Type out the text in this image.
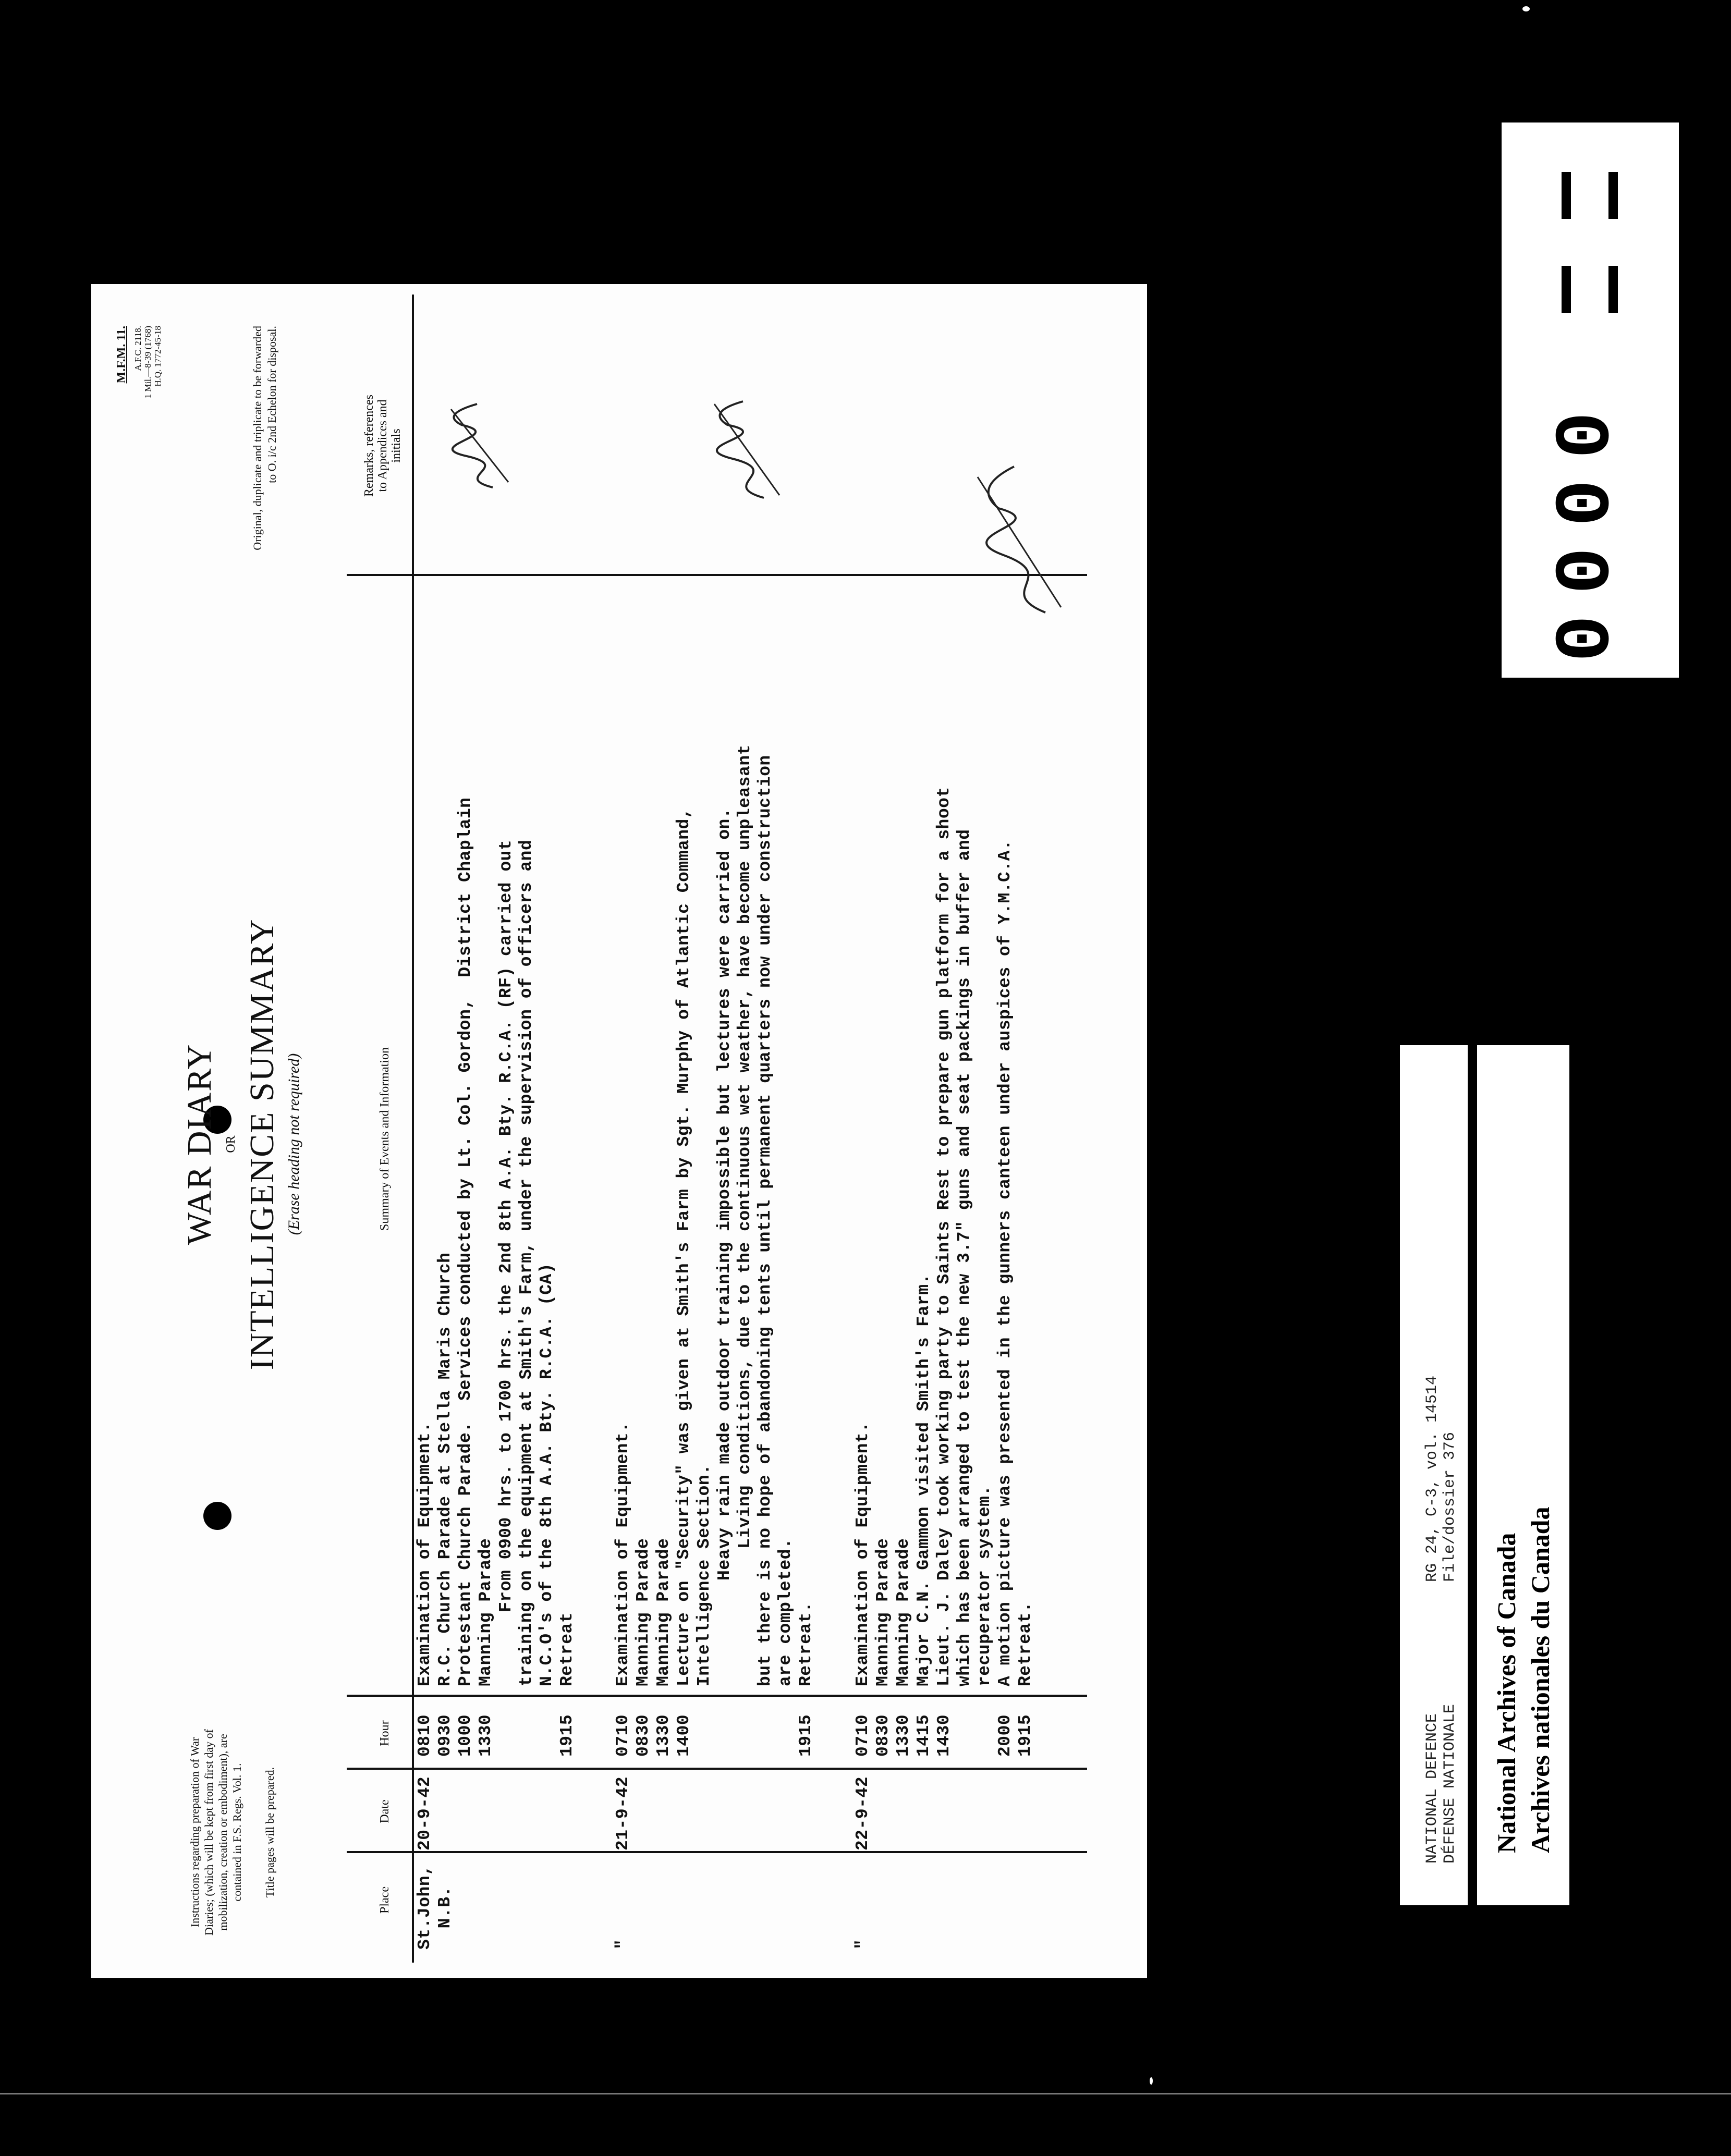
Instructions regarding preparation of War Diaries; (which will be kept from first day of mobilization, creation or embodiment), are contained in F.S. Regs. Vol. 1. Title pages will be prepared.
WAR DIARY OR INTELLIGENCE SUMMARY (Erase heading not required)
M.F.M. 11. A.F.C. 2118. 1 Mil.—8-39 (1768) H.Q. 1772-45-18	Original, duplicate and triplicate to be forwarded to O. i/c 2nd Echelon for disposal.
Place
Date
Hour
Summary of Events and Information
Remarks, references to Appendices and initials
St.John,
N.B.
20-9-42
0810
0930
1000
1330

1915
Examination of Equipment.
R.C. Church Parade at Stella Maris Church
Protestant Church Parade.  Services conducted by Lt. Col. Gordon,  District Chaplain
Manning Parade
From 0900 hrs. to 1700 hrs. the 2nd 8th A.A. Bty. R.C.A. (RF) carried out
training on the equipment at Smith's Farm, under the supervision of officers and
N.C.O's of the 8th A.A. Bty. R.C.A. (CA)
Retreat
"
21-9-42
0710
0830
1330
1400

1915
Examination of Equipment.
Manning Parade
Manning Parade
Lecture on "Security" was given at Smith's Farm by Sgt. Murphy of Atlantic Command,
Intelligence Section.
Heavy rain made outdoor training impossible but lectures were carried on.
Living conditions, due to the continuous wet weather, have become unpleasant
but there is no hope of abandoning tents until permanent quarters now under construction
are completed.
Retreat.
"
22-9-42
0710
0830
1330
1415
1430

2000
1915
Examination of Equipment.
Manning Parade
Manning Parade
Major C.N. Gammon visited Smith's Farm.
Lieut. J. Daley took working party to Saints Rest to prepare gun platform for a shoot
which has been arranged to test the new 3.7" guns and seat packings in buffer and
recuperator system.
A motion picture was presented in the gunners canteen under auspices of Y.M.C.A.
Retreat.
0000
NATIONAL DEFENCE DÉFENSE NATIONALE
RG 24, C-3, vol. 14514 File/dossier 376
National Archives of Canada Archives nationales du Canada
